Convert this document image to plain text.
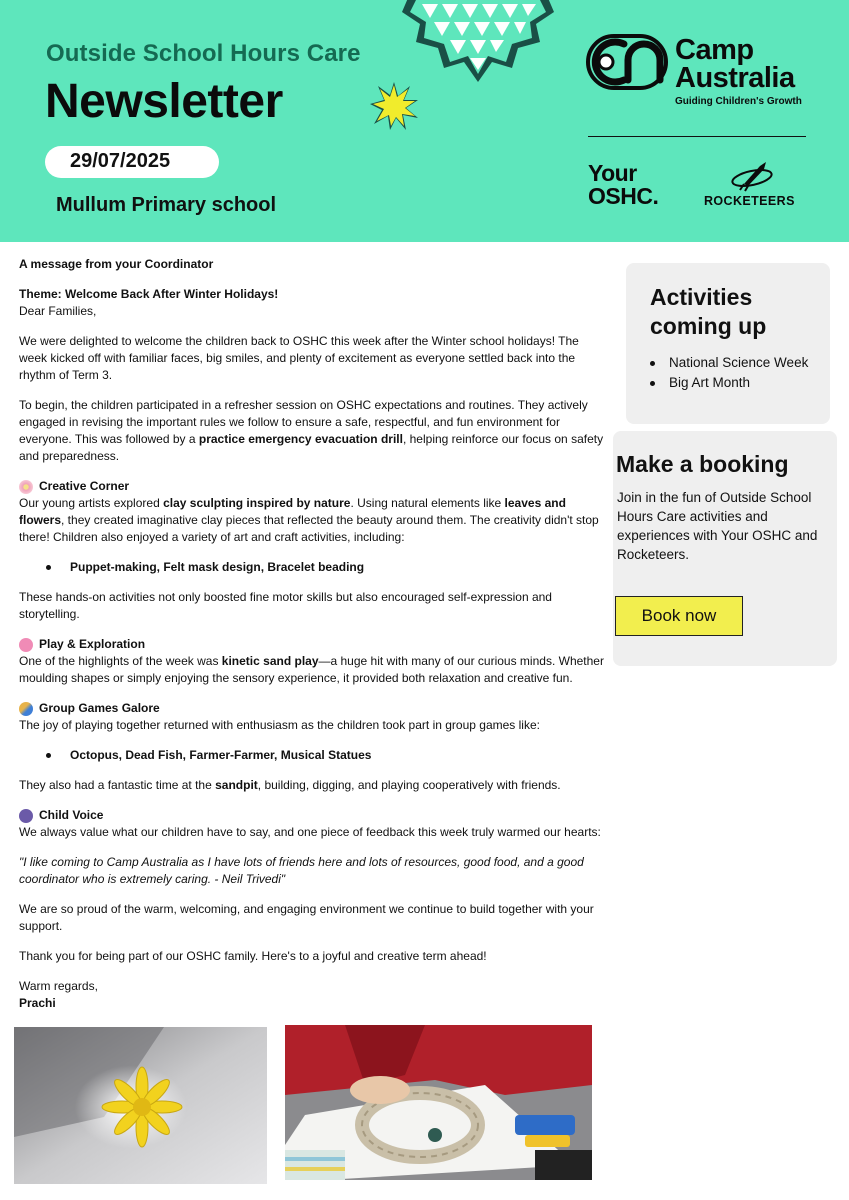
Outside School Hours Care
Newsletter
29/07/2025
Mullum Primary school
Camp
Australia
Guiding Children's Growth
Your OSHC.	ROCKETEERS

A message from your Coordinator

Theme: Welcome Back After Winter Holidays!
Dear Families,

We were delighted to welcome the children back to OSHC this week after the Winter school holidays! The week kicked off with familiar faces, big smiles, and plenty of excitement as everyone settled back into the rhythm of Term 3.

To begin, the children participated in a refresher session on OSHC expectations and routines. They actively engaged in revising the important rules we follow to ensure a safe, respectful, and fun environment for everyone. This was followed by a practice emergency evacuation drill, helping reinforce our focus on safety and preparedness.

Creative Corner

Our young artists explored clay sculpting inspired by nature. Using natural elements like leaves and flowers, they created imaginative clay pieces that reflected the beauty around them. The creativity didn't stop there! Children also enjoyed a variety of art and craft activities, including:

Puppet-making, Felt mask design, Bracelet beading

These hands-on activities not only boosted fine motor skills but also encouraged self-expression and storytelling.

Play & Exploration

One of the highlights of the week was kinetic sand play—a huge hit with many of our curious minds. Whether moulding shapes or simply enjoying the sensory experience, it provided both relaxation and creative fun.

Group Games Galore

The joy of playing together returned with enthusiasm as the children took part in group games like:

Octopus, Dead Fish, Farmer-Farmer, Musical Statues

They also had a fantastic time at the sandpit, building, digging, and playing cooperatively with friends.

Child Voice

We always value what our children have to say, and one piece of feedback this week truly warmed our hearts:

"I like coming to Camp Australia as I have lots of friends here and lots of resources, good food, and a good coordinator who is extremely caring. - Neil Trivedi"

We are so proud of the warm, welcoming, and engaging environment we continue to build together with your support.

Thank you for being part of our OSHC family. Here's to a joyful and creative term ahead!

Warm regards,

Prachi

Activities coming up
National Science Week
Big Art Month
Make a booking
Join in the fun of Outside School Hours Care activities and experiences with Your OSHC and Rocketeers.
Book now
